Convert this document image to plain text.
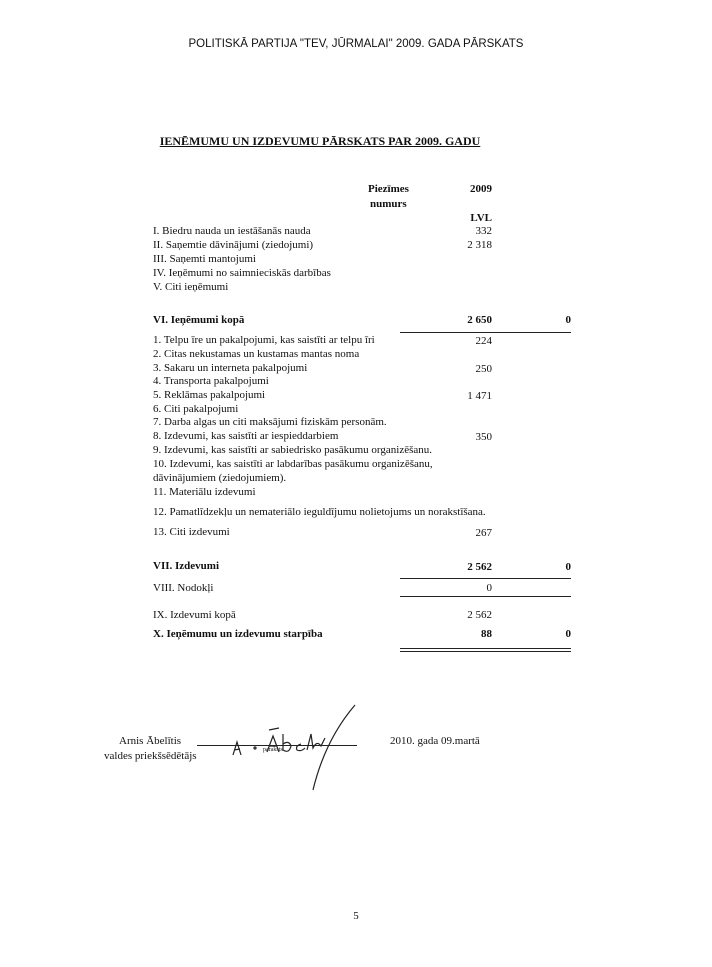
POLITISKĀ PARTIJA "TEV, JŪRMALAI" 2009. GADA PĀRSKATS
IENĒMUMU UN IZDEVUMU PĀRSKATS PAR 2009. GADU
Piezīmes
numurs
2009
LVL
I. Biedru nauda un iestāšanās nauda	332
II. Saņemtie dāvinājumi (ziedojumi)	2 318
III. Saņemti mantojumi
IV. Ieņēmumi no saimnieciskās darbības
V. Citi ieņēmumi
VI. Ieņēmumi kopā	2 650	0
1. Telpu īre un pakalpojumi, kas saistīti ar telpu īri	224
2. Citas nekustamas un kustamas mantas noma
3. Sakaru un interneta pakalpojumi	250
4. Transporta pakalpojumi
5. Reklāmas pakalpojumi	1 471
6. Citi pakalpojumi
7. Darba algas un citi maksājumi fiziskām personām.
8. Izdevumi, kas saistīti ar iespieddarbiem	350
9. Izdevumi, kas saistīti ar sabiedrisko pasākumu organizēšanu.
10. Izdevumi, kas saistīti ar labdarības pasākumu organizēšanu,
dāvinājumiem (ziedojumiem).
11. Materiālu izdevumi
12. Pamatlīdzekļu un nemateriālo ieguldījumu nolietojums un norakstīšana.
13. Citi izdevumi	267
VII. Izdevumi	2 562	0
VIII. Nodokļi	0
IX. Izdevumi kopā	2 562
X. Ieņēmumu un izdevumu starpība	88	0
Arnis Ābelītis
valdes priekšsēdētājs	paraksts
2010. gada 09.martā
5
